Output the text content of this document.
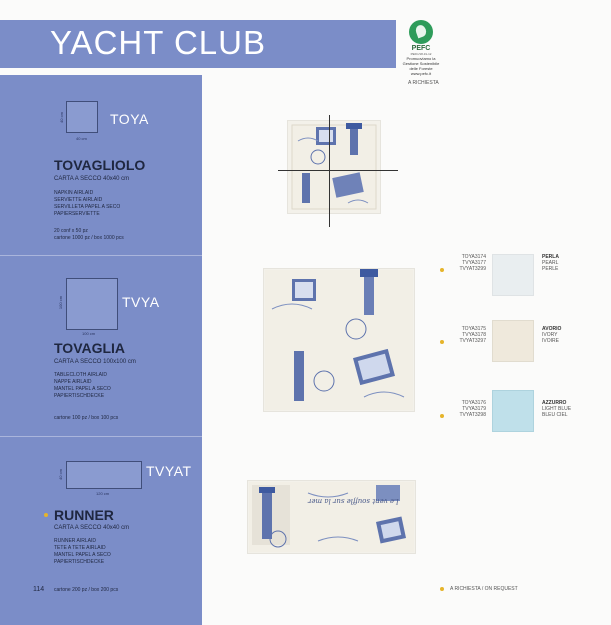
YACHT CLUB	PEFC
PEFC/18-31-12
Promuoviamo la
Gestione Sostenibile
delle Foreste
www.pefc.it
A RICHIESTA
40 cm
40 cm
TOYA
TOVAGLIOLO
CARTA A SECCO 40x40 cm
NAPKIN AIRLAID
SERVIETTE AIRLAID
SERVILLETA PAPEL A SECO
PAPIERSERVIETTE
20 conf x 50 pz
cartone 1000 pz / box 1000 pcs
100 cm
100 cm
TVYA
TOVAGLIA
CARTA A SECCO 100x100 cm
TABLECLOTH AIRLAID
NAPPE AIRLAID
MANTEL PAPEL A SECO
PAPIERTISCHDECKE
cartone 100 pz / box 100 pcs
40 cm
120 cm
TVYAT
RUNNER
CARTA A SECCO 40x40 cm
RUNNER AIRLAID
TETE A TETE AIRLAID
MANTEL PAPEL A SECO
PAPIERTISCHDECKE
114 cartone 200 pz / box 200 pcs
Le vent souffle sur la mer
TOYA3174
TVYA3177
TVYAT3299
PERLA
PEARL
PERLE
TOYA3175
TVYA3178
TVYAT3297
AVORIO
IVORY
IVOIRE
TOYA3176
TVYA3179
TVYAT3298
AZZURRO
LIGHT BLUE
BLEU CIEL
A RICHIESTA / ON REQUEST
